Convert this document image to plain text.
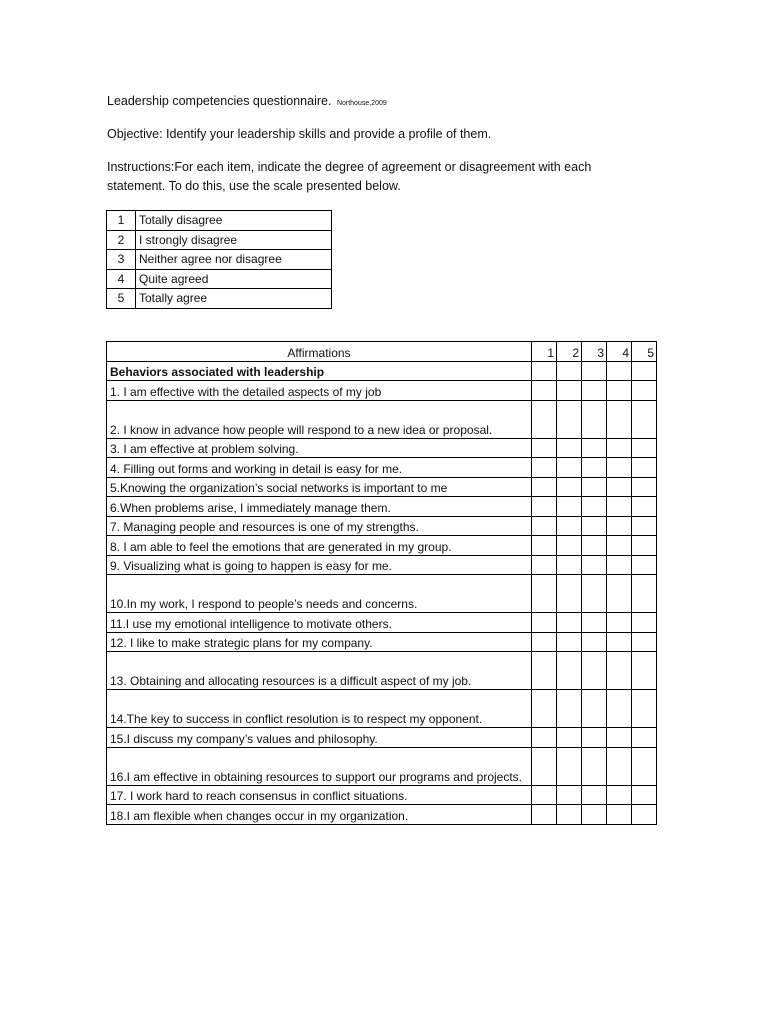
Leadership competencies questionnaire. Northouse,2009
Objective: Identify your leadership skills and provide a profile of them.
Instructions:For each item, indicate the degree of agreement or disagreement with each statement. To do this, use the scale presented below.
1	Totally disagree
2	I strongly disagree
3	Neither agree nor disagree
4	Quite agreed
5	Totally agree
Affirmations	1	2	3	4	5
Behaviors associated with leadership					
1. I am effective with the detailed aspects of my job					
2. I know in advance how people will respond to a new idea or proposal.					
3. I am effective at problem solving.					
4. Filling out forms and working in detail is easy for me.					
5.Knowing the organization’s social networks is important to me					
6.When problems arise, I immediately manage them.					
7. Managing people and resources is one of my strengths.					
8. I am able to feel the emotions that are generated in my group.					
9. Visualizing what is going to happen is easy for me.					
10.In my work, I respond to people’s needs and concerns.					
11.I use my emotional intelligence to motivate others.					
12. I like to make strategic plans for my company.					
13. Obtaining and allocating resources is a difficult aspect of my job.					
14.The key to success in conflict resolution is to respect my opponent.					
15.I discuss my company’s values and philosophy.					
16.I am effective in obtaining resources to support our programs and projects.					
17. I work hard to reach consensus in conflict situations.					
18.I am flexible when changes occur in my organization.					
